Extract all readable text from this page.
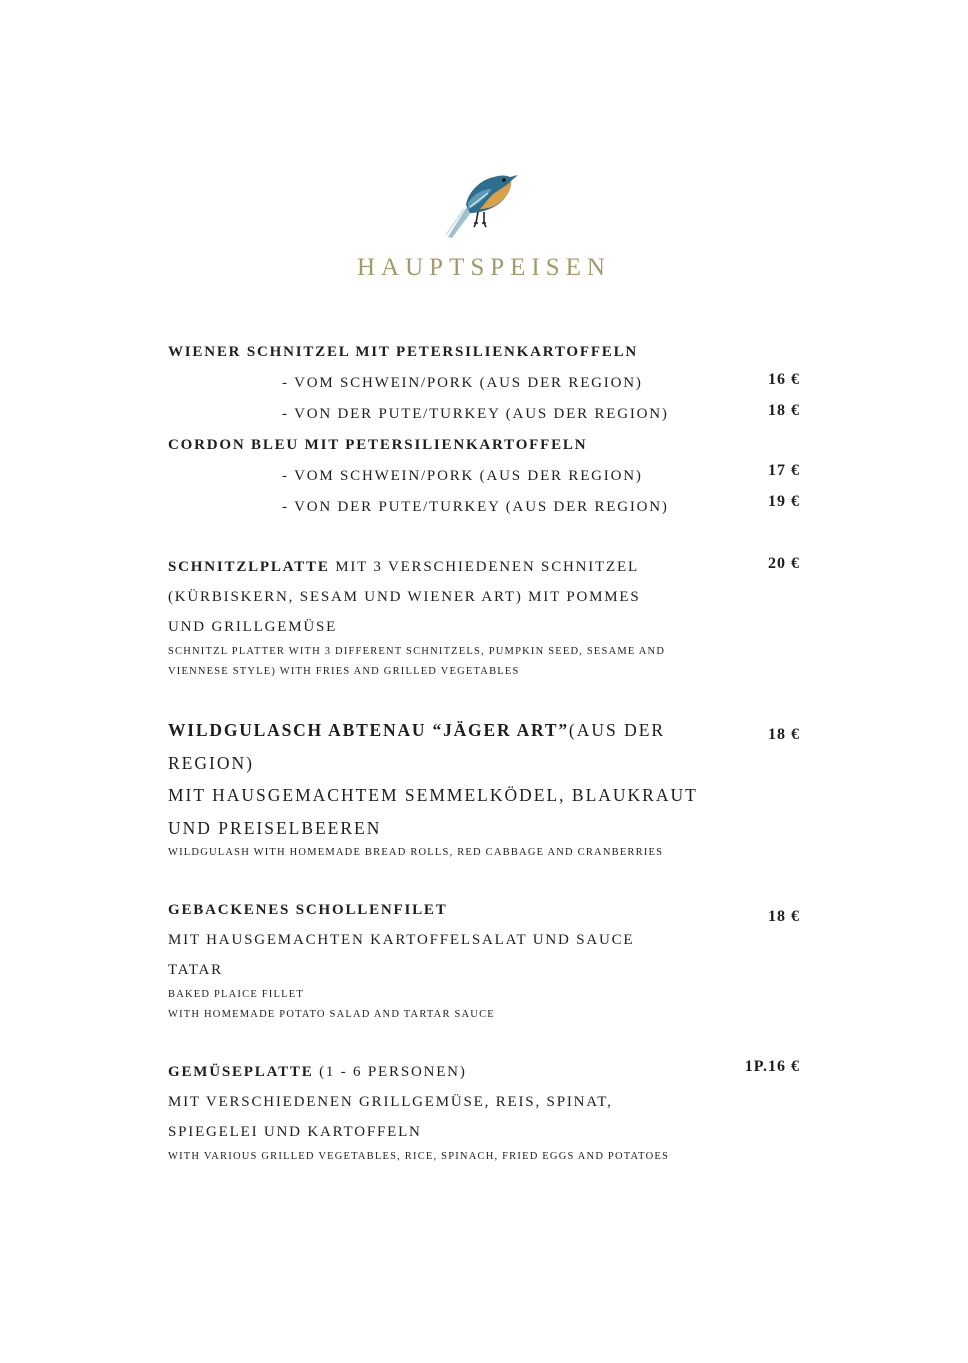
HAUPTSPEISEN
WIENER SCHNITZEL MIT PETERSILIENKARTOFFELN
- VOM SCHWEIN/PORK (AUS DER REGION)	16 €
- VON DER PUTE/TURKEY (AUS DER REGION)	18 €
CORDON BLEU MIT PETERSILIENKARTOFFELN
- VOM SCHWEIN/PORK (AUS DER REGION)	17 €
- VON DER PUTE/TURKEY (AUS DER REGION)	19 €
SCHNITZLPLATTE MIT 3 VERSCHIEDENEN SCHNITZEL
(KÜRBISKERN, SESAM UND WIENER ART) MIT POMMES
UND GRILLGEMÜSE
SCHNITZL PLATTER WITH 3 DIFFERENT SCHNITZELS, PUMPKIN SEED, SESAME AND
VIENNESE STYLE) WITH FRIES AND GRILLED VEGETABLES
20 €
WILDGULASCH ABTENAU “JÄGER ART”(AUS DER
REGION)
MIT HAUSGEMACHTEM SEMMELKÖDEL, BLAUKRAUT
UND PREISELBEEREN
WILDGULASH WITH HOMEMADE BREAD ROLLS, RED CABBAGE AND CRANBERRIES
18 €
GEBACKENES SCHOLLENFILET
MIT HAUSGEMACHTEN KARTOFFELSALAT UND SAUCE
TATAR
BAKED PLAICE FILLET
WITH HOMEMADE POTATO SALAD AND TARTAR SAUCE
18 €
GEMÜSEPLATTE (1 - 6 PERSONEN)
MIT VERSCHIEDENEN GRILLGEMÜSE, REIS, SPINAT,
SPIEGELEI UND KARTOFFELN
WITH VARIOUS GRILLED VEGETABLES, RICE, SPINACH, FRIED EGGS AND POTATOES
1P.16 €
